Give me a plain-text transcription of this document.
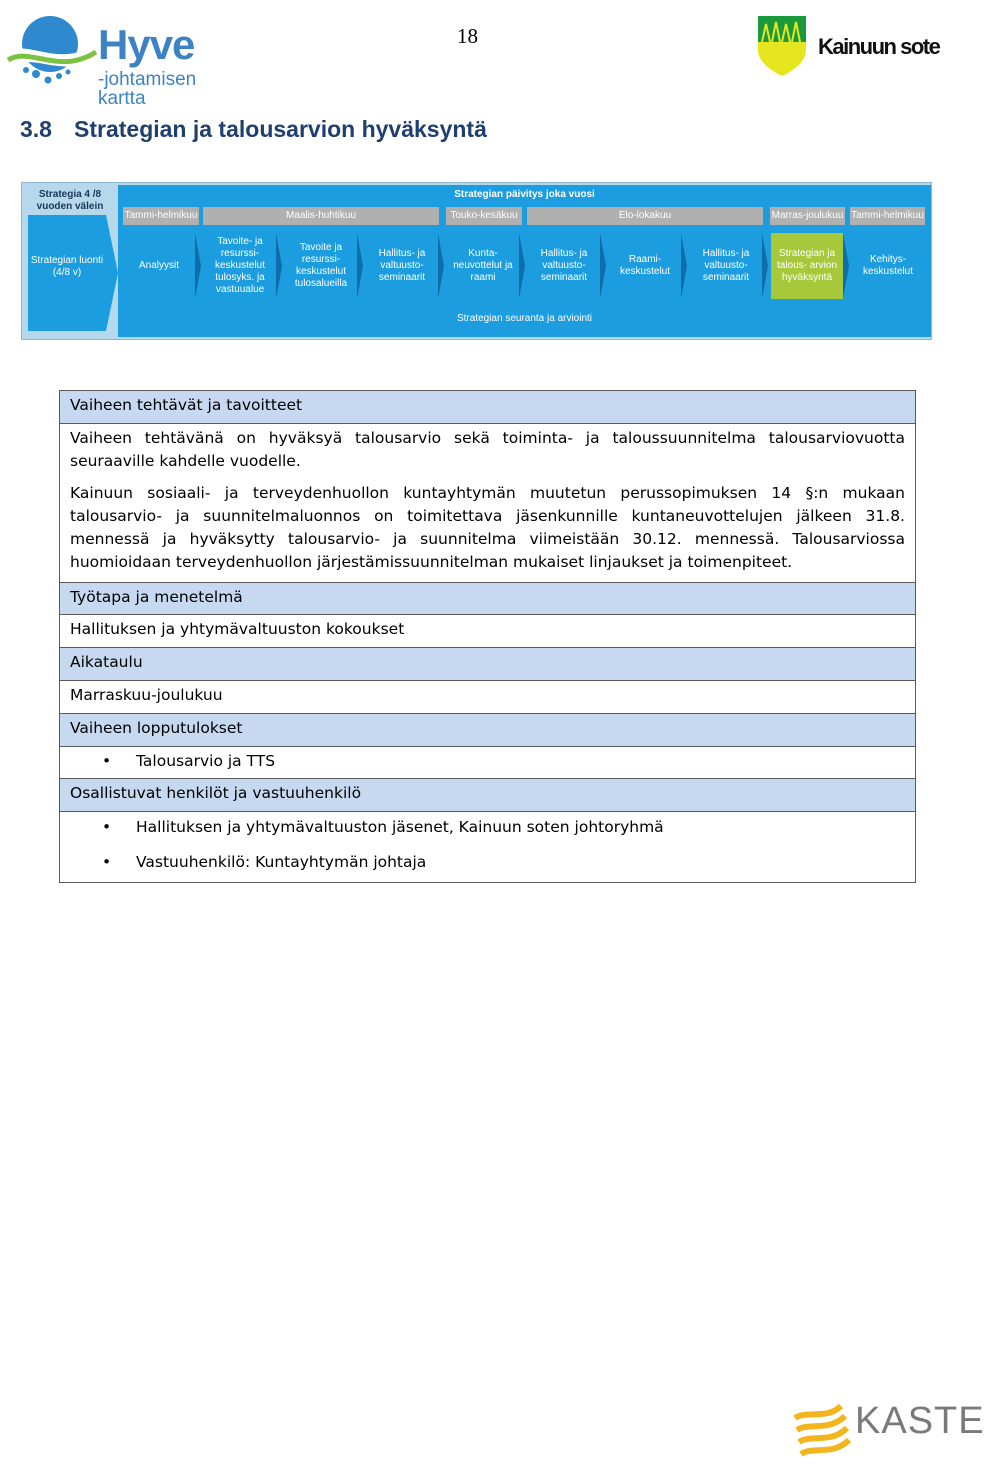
Hyve
-johtamisen kartta
18	Kainuun sote
3.8 Strategian ja talousarvion hyväksyntä
Strategia 4 /8 vuoden välein
Strategian luonti (4/8 v)
Strategian päivitys joka vuosi
Tammi-helmikuu	Maalis-huhtikuu	Touko-kesäkuu	Elo-lokakuu	Marras-joulukuu Tammi-helmikuu
Analyysit
Tavoite- ja resurssi- keskustelut tulosyks. ja vastuualue
Tavoite ja resurssi- keskustelut tulosalueilla
Hallitus- ja valtuusto- seminaarit
Kunta- neuvottelut ja raami
Hallitus- ja valtuusto- seminaarit
Raami- keskustelut
Hallitus- ja valtuusto- seminaarit
Strategian ja talous- arvion hyväksyntä
Kehitys- keskustelut
Strategian seuranta ja arviointi
Vaiheen tehtävät ja tavoitteet

Vaiheen tehtävänä on hyväksyä talousarvio sekä toiminta- ja taloussuunnitelma talousarviovuotta seuraaville kahdelle vuodelle.

Kainuun sosiaali- ja terveydenhuollon kuntayhtymän muutetun perussopimuksen 14 §:n mukaan talousarvio- ja suunnitelmaluonnos on toimitettava jäsenkunnille kuntaneuvottelujen jälkeen 31.8. mennessä ja hyväksytty talousarvio- ja suunnitelma viimeistään 30.12. mennessä. Talousarviossa huomioidaan terveydenhuollon järjestämissuunnitelman mukaiset linjaukset ja toimenpiteet.

Työtapa ja menetelmä
Hallituksen ja yhtymävaltuuston kokoukset
Aikataulu
Marraskuu-joulukuu
Vaiheen lopputulokset

•	Talousarvio ja TTS

Osallistuvat henkilöt ja vastuuhenkilö

•	Hallituksen ja yhtymävaltuuston jäsenet, Kainuun soten johtoryhmä
•	Vastuuhenkilö: Kuntayhtymän johtaja
KASTE
